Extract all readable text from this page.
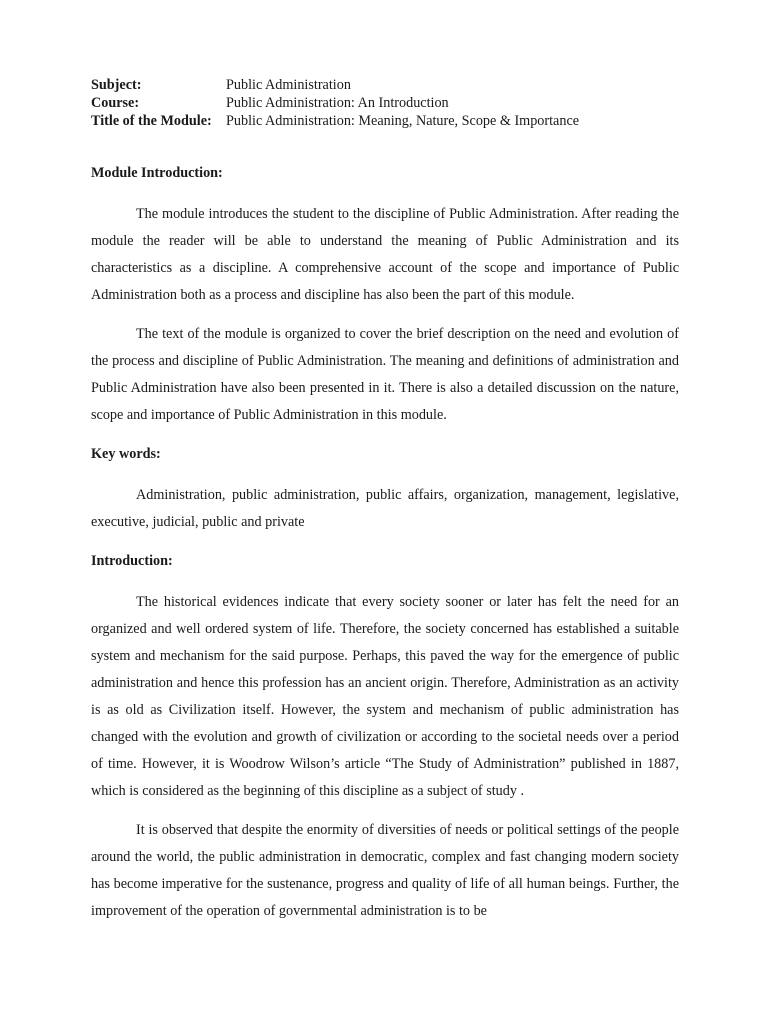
Subject:	Public Administration
Course:	Public Administration: An Introduction
Title of the Module:	Public Administration: Meaning, Nature, Scope & Importance

Module Introduction:

The module introduces the student to the discipline of Public Administration. After reading the module the reader will be able to understand the meaning of Public Administration and its characteristics as a discipline. A comprehensive account of the scope and importance of Public Administration both as a process and discipline has also been the part of this module.

The text of the module is organized to cover the brief description on the need and evolution of the process and discipline of Public Administration. The meaning and definitions of administration and Public Administration have also been presented in it. There is also a detailed discussion on the nature, scope and importance of Public Administration in this module.

Key words:

Administration, public administration, public affairs, organization, management, legislative, executive, judicial, public and private

Introduction:

The historical evidences indicate that every society sooner or later has felt the need for an organized and well ordered system of life. Therefore, the society concerned has established a suitable system and mechanism for the said purpose. Perhaps, this paved the way for the emergence of public administration and hence this profession has an ancient origin. Therefore, Administration as an activity is as old as Civilization itself. However, the system and mechanism of public administration has changed with the evolution and growth of civilization or according to the societal needs over a period of time. However, it is Woodrow Wilson’s article “The Study of Administration” published in 1887, which is considered as the beginning of this discipline as a subject of study .

It is observed that despite the enormity of diversities of needs or political settings of the people around the world, the public administration in democratic, complex and fast changing modern society has become imperative for the sustenance, progress and quality of life of all human beings. Further, the improvement of the operation of governmental administration is to be
